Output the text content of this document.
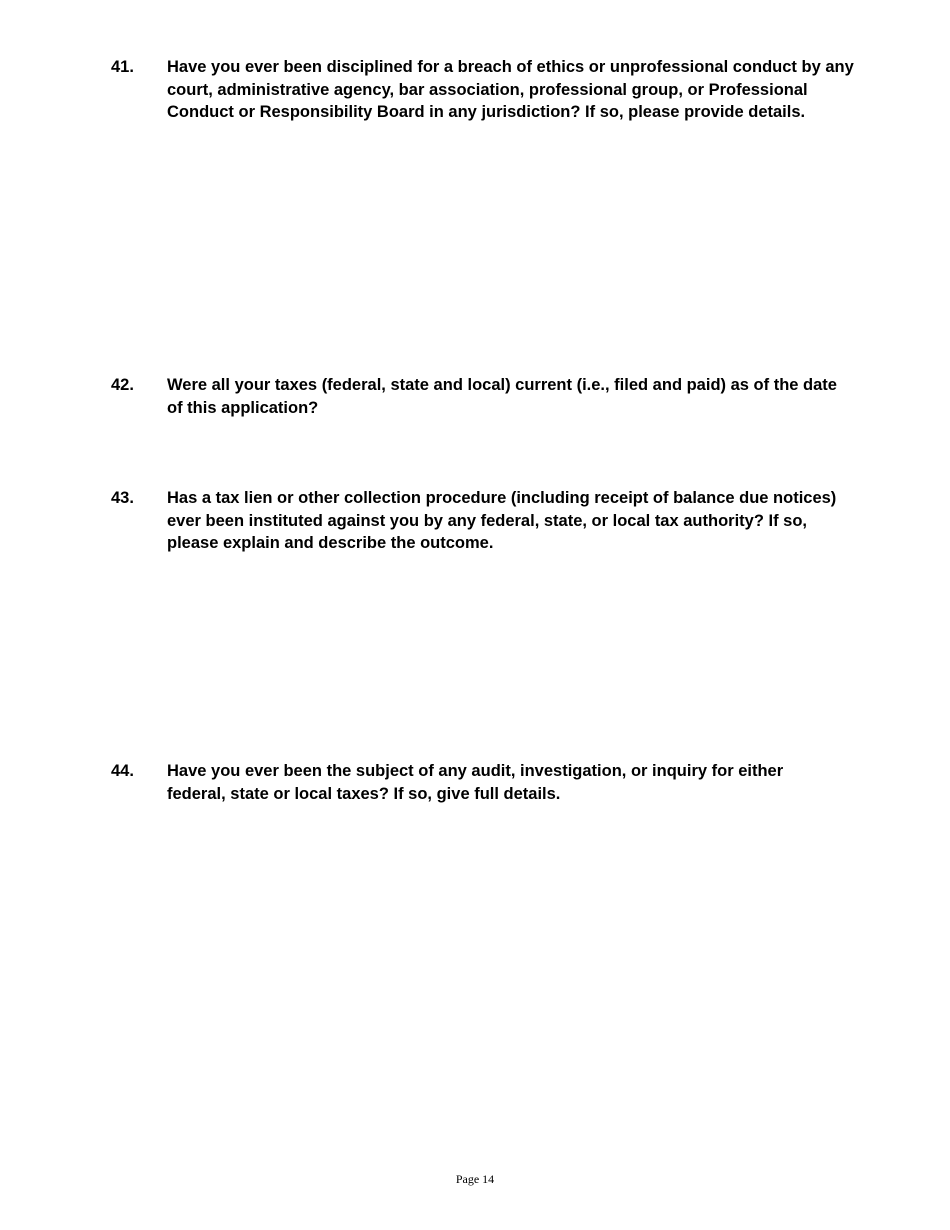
41. Have you ever been disciplined for a breach of ethics or unprofessional conduct by any
court, administrative agency, bar association, professional group, or Professional
Conduct or Responsibility Board in any jurisdiction? If so, please provide details.
42. Were all your taxes (federal, state and local) current (i.e., filed and paid) as of the date
of this application?
43. Has a tax lien or other collection procedure (including receipt of balance due notices)
ever been instituted against you by any federal, state, or local tax authority? If so,
please explain and describe the outcome.
44. Have you ever been the subject of any audit, investigation, or inquiry for either
federal, state or local taxes? If so, give full details.
Page 14
